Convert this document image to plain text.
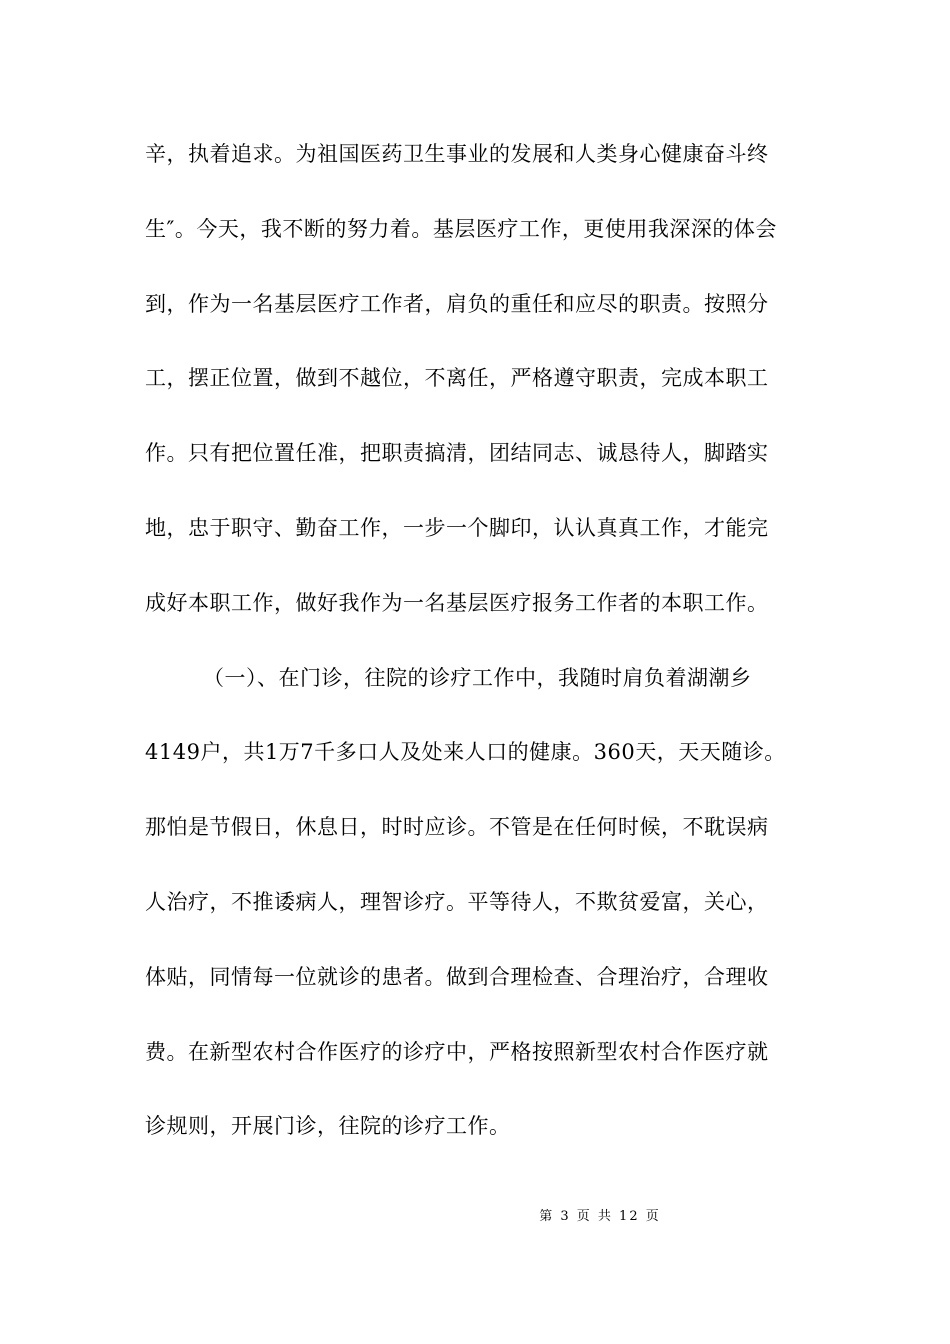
辛，执着追求。为祖国医药卫生事业的发展和人类身心健康奋斗终
生″。今天，我不断的努力着。基层医疗工作，更使用我深深的体会
到，作为一名基层医疗工作者，肩负的重任和应尽的职责。按照分
工，摆正位置，做到不越位，不离任，严格遵守职责，完成本职工
作。只有把位置任准，把职责搞清，团结同志、诚恳待人，脚踏实
地，忠于职守、勤奋工作，一步一个脚印，认认真真工作，才能完
成好本职工作，做好我作为一名基层医疗报务工作者的本职工作。
（一）、在门诊，往院的诊疗工作中，我随时肩负着湖潮乡
4149户，共1万7千多口人及处来人口的健康。360天，天天随诊。
那怕是节假日，休息日，时时应诊。不管是在任何时候，不耽误病
人治疗，不推诿病人，理智诊疗。平等待人，不欺贫爱富，关心，
体贴，同情每一位就诊的患者。做到合理检查、合理治疗，合理收
费。在新型农村合作医疗的诊疗中，严格按照新型农村合作医疗就
诊规则，开展门诊，往院的诊疗工作。
第 3 页 共 12 页
